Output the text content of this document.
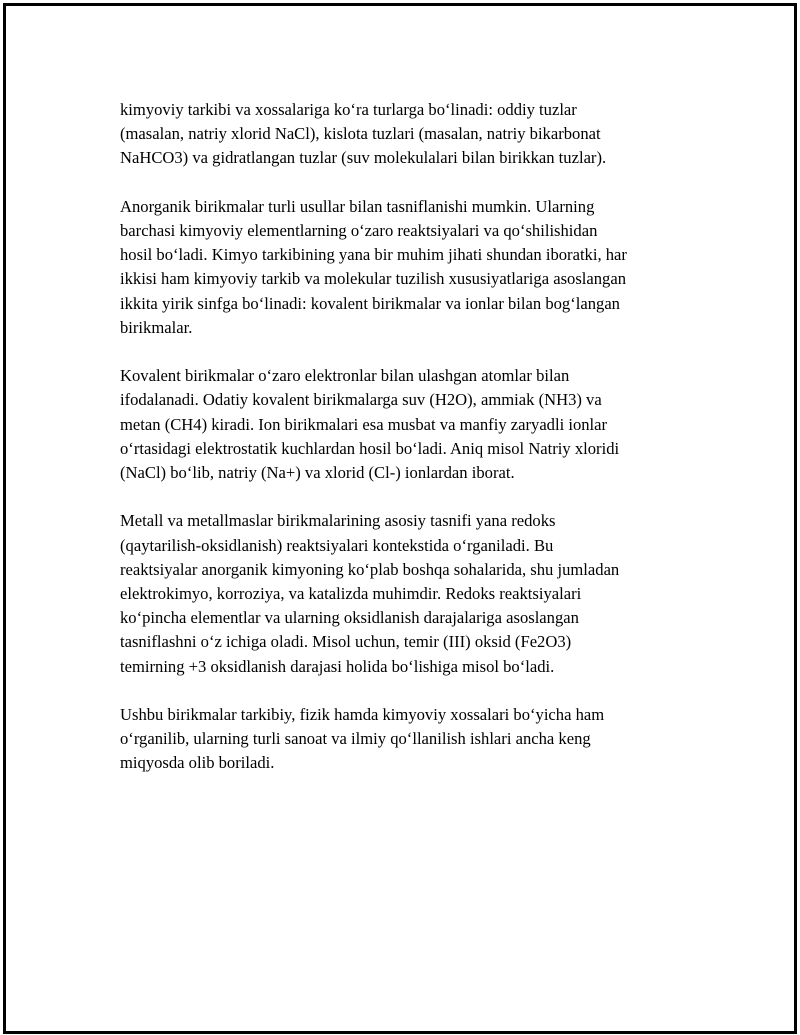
kimyoviy tarkibi va xossalariga koʻra turlarga boʻlinadi: oddiy tuzlar
(masalan, natriy xlorid NaCl), kislota tuzlari (masalan, natriy bikarbonat
NaHCO3) va gidratlangan tuzlar (suv molekulalari bilan birikkan tuzlar).

Anorganik birikmalar turli usullar bilan tasniflanishi mumkin. Ularning
barchasi kimyoviy elementlarning oʻzaro reaktsiyalari va qoʻshilishidan
hosil boʻladi. Kimyo tarkibining yana bir muhim jihati shundan iboratki, har
ikkisi ham kimyoviy tarkib va molekular tuzilish xususiyatlariga asoslangan
ikkita yirik sinfga boʻlinadi: kovalent birikmalar va ionlar bilan bogʻlangan
birikmalar.

Kovalent birikmalar oʻzaro elektronlar bilan ulashgan atomlar bilan
ifodalanadi. Odatiy kovalent birikmalarga suv (H2O), ammiak (NH3) va
metan (CH4) kiradi. Ion birikmalari esa musbat va manfiy zaryadli ionlar
oʻrtasidagi elektrostatik kuchlardan hosil boʻladi. Aniq misol Natriy xloridi
(NaCl) boʻlib, natriy (Na+) va xlorid (Cl-) ionlardan iborat.

Metall va metallmaslar birikmalarining asosiy tasnifi yana redoks
(qaytarilish-oksidlanish) reaktsiyalari kontekstida oʻrganiladi. Bu
reaktsiyalar anorganik kimyoning koʻplab boshqa sohalarida, shu jumladan
elektrokimyo, korroziya, va katalizda muhimdir. Redoks reaktsiyalari
koʻpincha elementlar va ularning oksidlanish darajalariga asoslangan
tasniflashni oʻz ichiga oladi. Misol uchun, temir (III) oksid (Fe2O3)
temirning +3 oksidlanish darajasi holida boʻlishiga misol boʻladi.

Ushbu birikmalar tarkibiy, fizik hamda kimyoviy xossalari boʻyicha ham
oʻrganilib, ularning turli sanoat va ilmiy qoʻllanilish ishlari ancha keng
miqyosda olib boriladi.
